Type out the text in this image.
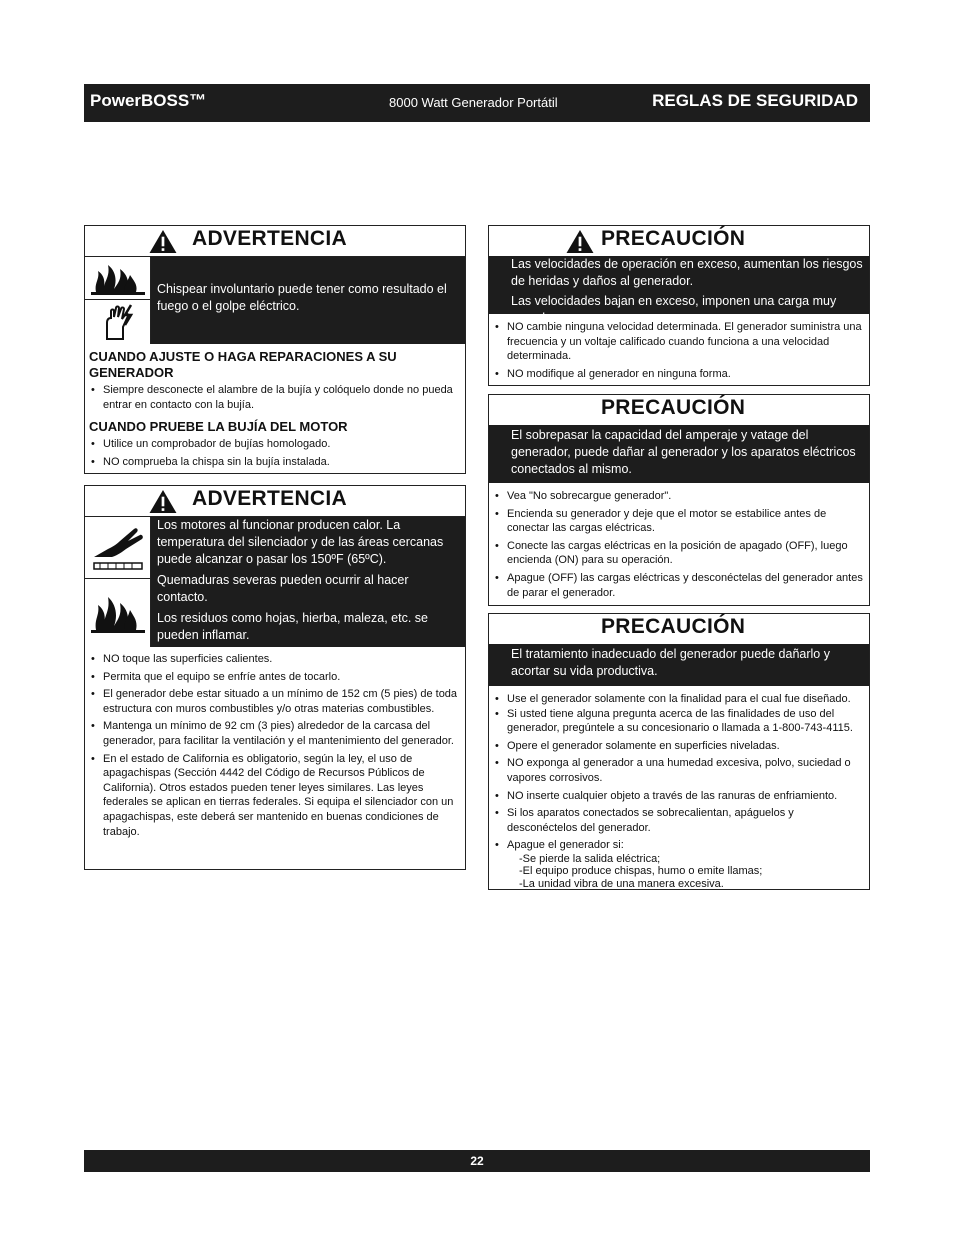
PowerBOSS™	8000 Watt Generador Portátil	REGLAS DE SEGURIDAD
ADVERTENCIA

Chispear involuntario puede tener como resultado el fuego o el golpe eléctrico.

CUANDO AJUSTE O HAGA REPARACIONES A SU GENERADOR
• Siempre desconecte el alambre de la bujía y colóquelo donde no pueda entrar en contacto con la bujía.
CUANDO PRUEBE LA BUJÍA DEL MOTOR
• Utilice un comprobador de bujías homologado.
• NO comprueba la chispa sin la bujía instalada.
ADVERTENCIA

Los motores al funcionar producen calor. La temperatura del silenciador y de las áreas cercanas puede alcanzar o pasar los 150ºF (65ºC).

Quemaduras severas pueden ocurrir al hacer contacto.

Los residuos como hojas, hierba, maleza, etc. se pueden inflamar.

• NO toque las superficies calientes.
• Permita que el equipo se enfríe antes de tocarlo.
• El generador debe estar situado a un mínimo de 152 cm (5 pies) de toda estructura con muros combustibles y/o otras materias combustibles.
• Mantenga un mínimo de 92 cm (3 pies) alrededor de la carcasa del generador, para facilitar la ventilación y el mantenimiento del generador.
• En el estado de California es obligatorio, según la ley, el uso de apagachispas (Sección 4442 del Código de Recursos Públicos de California). Otros estados pueden tener leyes similares. Las leyes federales se aplican en tierras federales. Si equipa el silenciador con un apagachispas, este deberá ser mantenido en buenas condiciones de trabajo.
PRECAUCIÓN

Las velocidades de operación en exceso, aumentan los riesgos de heridas y daños al generador.

Las velocidades bajan en exceso, imponen una carga muy pesada.

• NO cambie ninguna velocidad determinada. El generador suministra una frecuencia y un voltaje calificado cuando funciona a una velocidad determinada.
• NO modifique al generador en ninguna forma.
PRECAUCIÓN

El sobrepasar la capacidad del amperaje y vatage del generador, puede dañar al generador y los aparatos eléctricos conectados al mismo.

• Vea "No sobrecargue generador".
• Encienda su generador y deje que el motor se estabilice antes de conectar las cargas eléctricas.
• Conecte las cargas eléctricas en la posición de apagado (OFF), luego encienda (ON) para su operación.
• Apague (OFF) las cargas eléctricas y desconéctelas del generador antes de parar el generador.
PRECAUCIÓN

El tratamiento inadecuado del generador puede dañarlo y acortar su vida productiva.

• Use el generador solamente con la finalidad para el cual fue diseñado.
• Si usted tiene alguna pregunta acerca de las finalidades de uso del generador, pregúntele a su concesionario o llamada a 1-800-743-4115.
• Opere el generador solamente en superficies niveladas.
• NO exponga al generador a una humedad excesiva, polvo, suciedad o vapores corrosivos.
• NO inserte cualquier objeto a través de las ranuras de enfriamiento.
• Si los aparatos conectados se sobrecalientan, apáguelos y desconéctelos del generador.
• Apague el generador si:
-Se pierde la salida eléctrica;
-El equipo produce chispas, humo o emite llamas;
-La unidad vibra de una manera excesiva.
22
